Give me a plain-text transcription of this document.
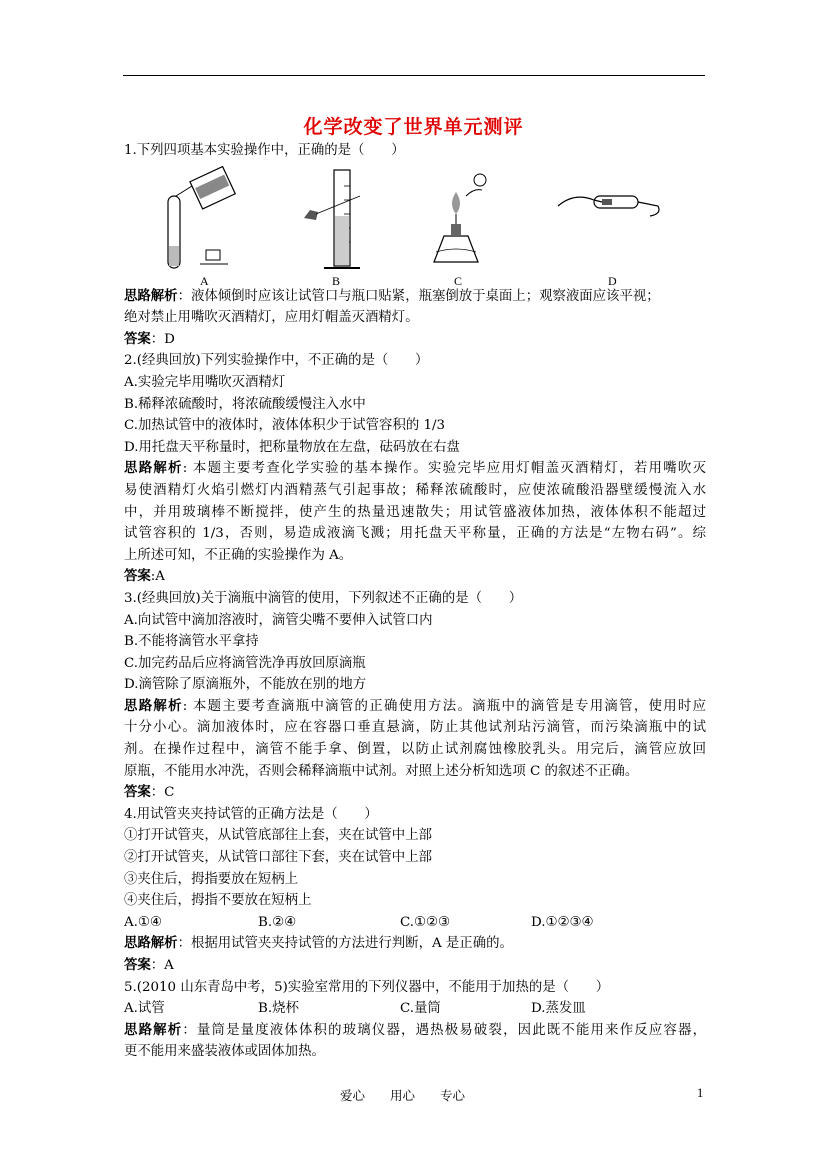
化学改变了世界单元测评
1.下列四项基本实验操作中，正确的是（　　）
A	B	C	D
思路解析：液体倾倒时应该让试管口与瓶口贴紧，瓶塞倒放于桌面上；观察液面应该平视；
绝对禁止用嘴吹灭酒精灯，应用灯帽盖灭酒精灯。
答案：D
2.(经典回放)下列实验操作中，不正确的是（　　）
A.实验完毕用嘴吹灭酒精灯
B.稀释浓硫酸时，将浓硫酸缓慢注入水中
C.加热试管中的液体时，液体体积少于试管容积的 1/3
D.用托盘天平称量时，把称量物放在左盘，砝码放在右盘
思路解析: 本题主要考查化学实验的基本操作。实验完毕应用灯帽盖灭酒精灯，若用嘴吹灭
易使酒精灯火焰引燃灯内酒精蒸气引起事故；稀释浓硫酸时，应使浓硫酸沿器壁缓慢流入水
中，并用玻璃棒不断搅拌，使产生的热量迅速散失；用试管盛液体加热，液体体积不能超过
试管容积的 1/3，否则，易造成液滴飞溅；用托盘天平称量，正确的方法是“左物右码”。综
上所述可知，不正确的实验操作为 A。
答案:A
3.(经典回放)关于滴瓶中滴管的使用，下列叙述不正确的是（　　）
A.向试管中滴加溶液时，滴管尖嘴不要伸入试管口内
B.不能将滴管水平拿持
C.加完药品后应将滴管洗净再放回原滴瓶
D.滴管除了原滴瓶外，不能放在别的地方
思路解析: 本题主要考查滴瓶中滴管的正确使用方法。滴瓶中的滴管是专用滴管，使用时应
十分小心。滴加液体时，应在容器口垂直悬滴，防止其他试剂玷污滴管，而污染滴瓶中的试
剂。在操作过程中，滴管不能手拿、倒置，以防止试剂腐蚀橡胶乳头。用完后，滴管应放回
原瓶，不能用水冲洗，否则会稀释滴瓶中试剂。对照上述分析知选项 C 的叙述不正确。
答案：C
4.用试管夹夹持试管的正确方法是（　　）
①打开试管夹，从试管底部往上套，夹在试管中上部
②打开试管夹，从试管口部往下套，夹在试管中上部
③夹住后，拇指要放在短柄上
④夹住后，拇指不要放在短柄上
A.①④	B.②④	C.①②③	D.①②③④
思路解析：根据用试管夹夹持试管的方法进行判断，A 是正确的。
答案：A
5.(2010 山东青岛中考，5)实验室常用的下列仪器中，不能用于加热的是（　　）
A.试管	B.烧杯	C.量筒	D.蒸发皿
思路解析：量筒是量度液体体积的玻璃仪器，遇热极易破裂，因此既不能用来作反应容器，
更不能用来盛装液体或固体加热。
爱心　　用心　　专心	1
